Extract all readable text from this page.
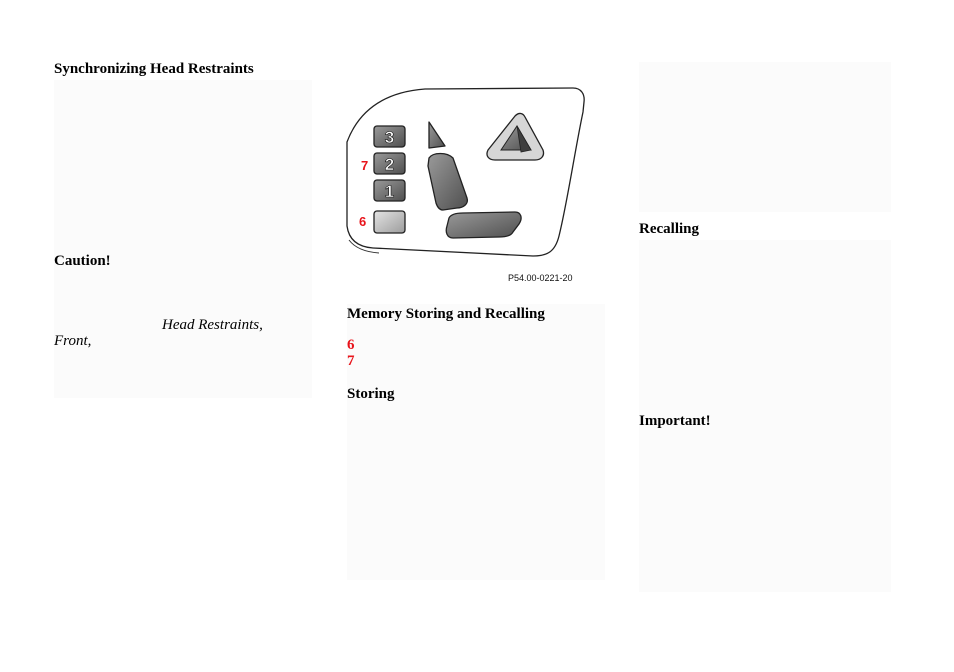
Synchronizing Head Restraints
Caution!
Head Restraints,
Front,
7
6
3
2
1
P54.00-0221-20
Memory Storing and Recalling
6
7
Storing
Recalling
Important!
